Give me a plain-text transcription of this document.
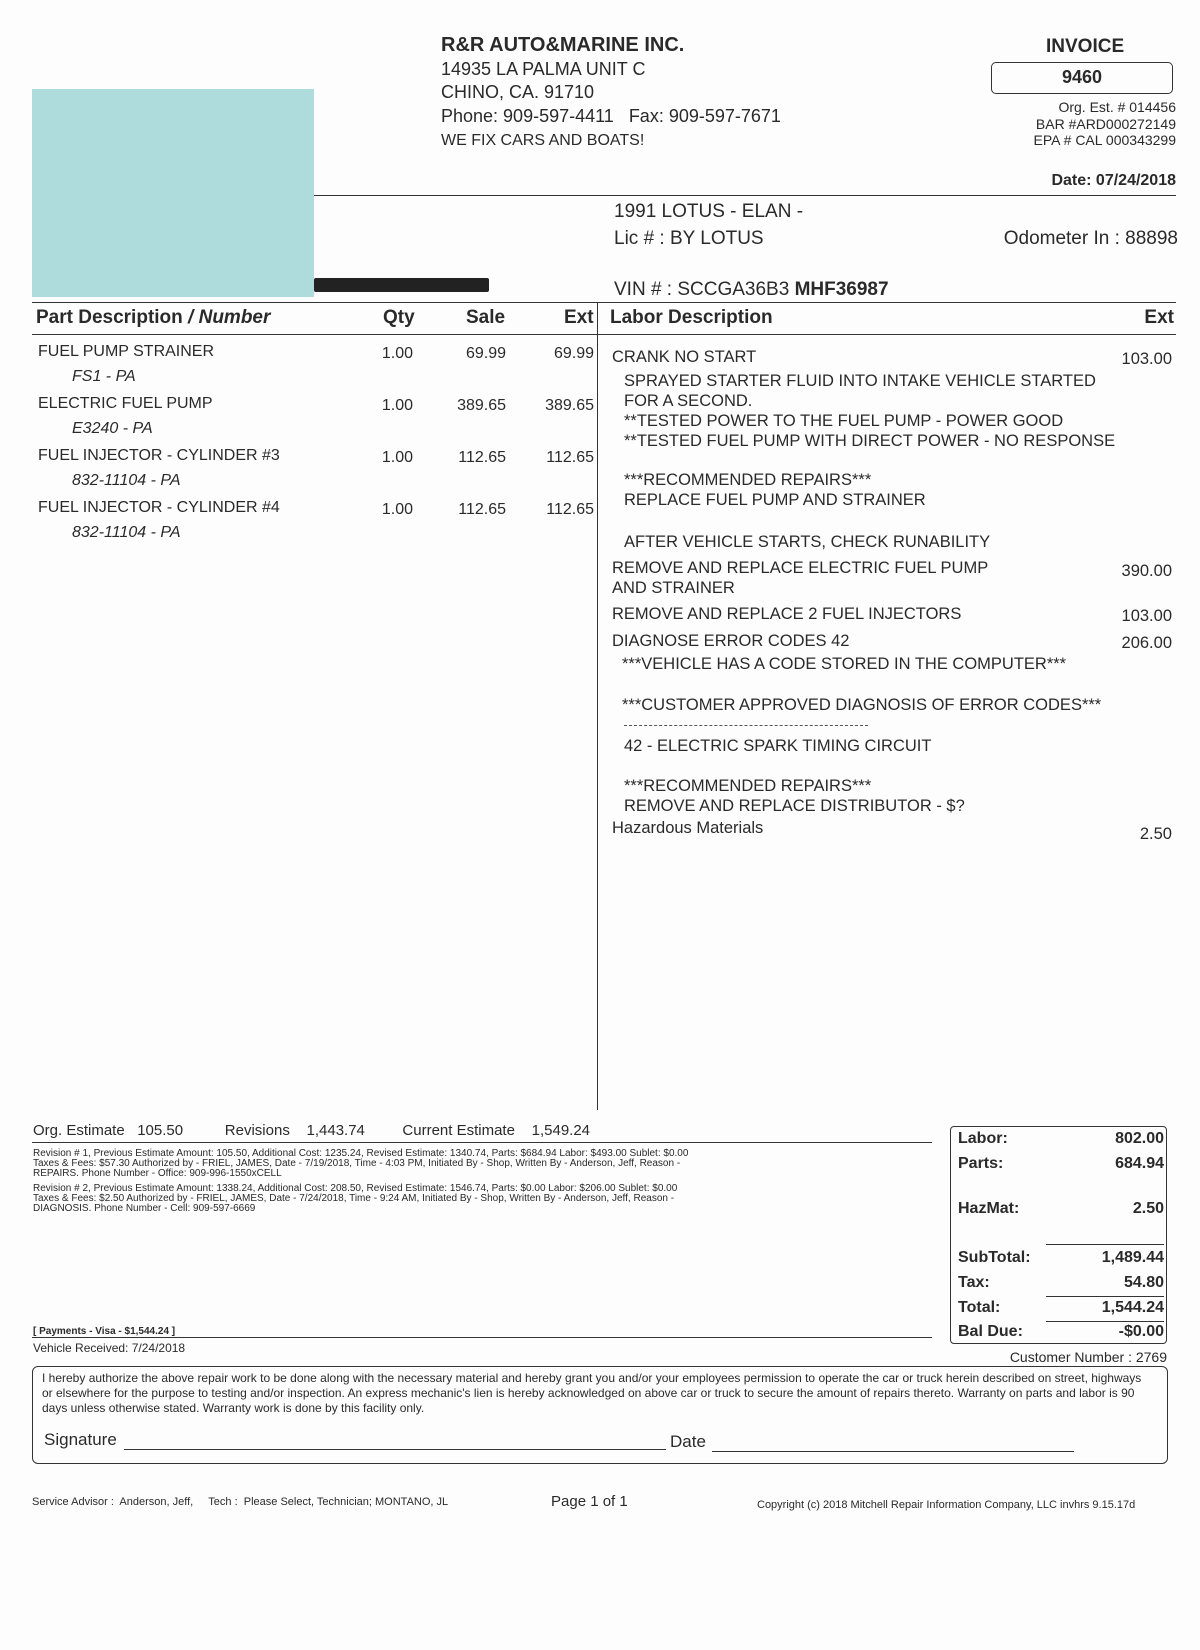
R&R AUTO&MARINE INC.
14935 LA PALMA UNIT C
CHINO, CA. 91710
Phone: 909-597-4411   Fax: 909-597-7671
WE FIX CARS AND BOATS!
INVOICE
9460
Org. Est. # 014456
BAR #ARD000272149
EPA # CAL 000343299
Date: 07/24/2018
1991 LOTUS - ELAN -
Lic # : BY LOTUS	Odometer In : 88898
VIN # : SCCGA36B3 MHF36987
Part Description / Number	Qty	Sale	Ext Labor Description	Ext
FUEL PUMP STRAINER
FS1 - PA
1.00	69.99	69.99
ELECTRIC FUEL PUMP
E3240 - PA
1.00	389.65	389.65
FUEL INJECTOR - CYLINDER #3
832-11104 - PA
1.00	112.65	112.65
FUEL INJECTOR - CYLINDER #4
832-11104 - PA
1.00	112.65	112.65
CRANK NO START	103.00
SPRAYED STARTER FLUID INTO INTAKE VEHICLE STARTED
FOR A SECOND.
**TESTED POWER TO THE FUEL PUMP - POWER GOOD
**TESTED FUEL PUMP WITH DIRECT POWER - NO RESPONSE
***RECOMMENDED REPAIRS***
REPLACE FUEL PUMP AND STRAINER
AFTER VEHICLE STARTS, CHECK RUNABILITY
REMOVE AND REPLACE ELECTRIC FUEL PUMP
AND STRAINER
390.00
REMOVE AND REPLACE 2 FUEL INJECTORS	103.00
DIAGNOSE ERROR CODES 42	206.00
***VEHICLE HAS A CODE STORED IN THE COMPUTER***
***CUSTOMER APPROVED DIAGNOSIS OF ERROR CODES***
42 - ELECTRIC SPARK TIMING CIRCUIT
***RECOMMENDED REPAIRS***
REMOVE AND REPLACE DISTRIBUTOR - $?
Hazardous Materials	2.50
Org. Estimate 105.50	Revisions 1,443.74	Current Estimate 1,549.24
Revision # 1, Previous Estimate Amount: 105.50, Additional Cost: 1235.24, Revised Estimate: 1340.74, Parts: $684.94 Labor: $493.00 Sublet: $0.00
Taxes & Fees: $57.30 Authorized by - FRIEL, JAMES, Date - 7/19/2018, Time - 4:03 PM, Initiated By - Shop, Written By - Anderson, Jeff, Reason -
REPAIRS. Phone Number - Office: 909-996-1550xCELL
Revision # 2, Previous Estimate Amount: 1338.24, Additional Cost: 208.50, Revised Estimate: 1546.74, Parts: $0.00 Labor: $206.00 Sublet: $0.00
Taxes & Fees: $2.50 Authorized by - FRIEL, JAMES, Date - 7/24/2018, Time - 9:24 AM, Initiated By - Shop, Written By - Anderson, Jeff, Reason -
DIAGNOSIS. Phone Number - Cell: 909-597-6669
[ Payments - Visa - $1,544.24 ]
Vehicle Received: 7/24/2018
Labor:	802.00
Parts:	684.94
HazMat:	2.50
SubTotal:	1,489.44
Tax:	54.80
Total:	1,544.24
Bal Due:	-$0.00
Customer Number : 2769
I hereby authorize the above repair work to be done along with the necessary material and hereby grant you and/or your employees permission to operate the car or truck herein described on street, highways or elsewhere for the purpose to testing and/or inspection. An express mechanic's lien is hereby acknowledged on above car or truck to secure the amount of repairs thereto. Warranty on parts and labor is 90 days unless otherwise stated. Warranty work is done by this facility only.
Signature	Date
Service Advisor :  Anderson, Jeff,     Tech :  Please Select, Technician; MONTANO, JL	Page 1 of 1	Copyright (c) 2018 Mitchell Repair Information Company, LLC invhrs 9.15.17d
